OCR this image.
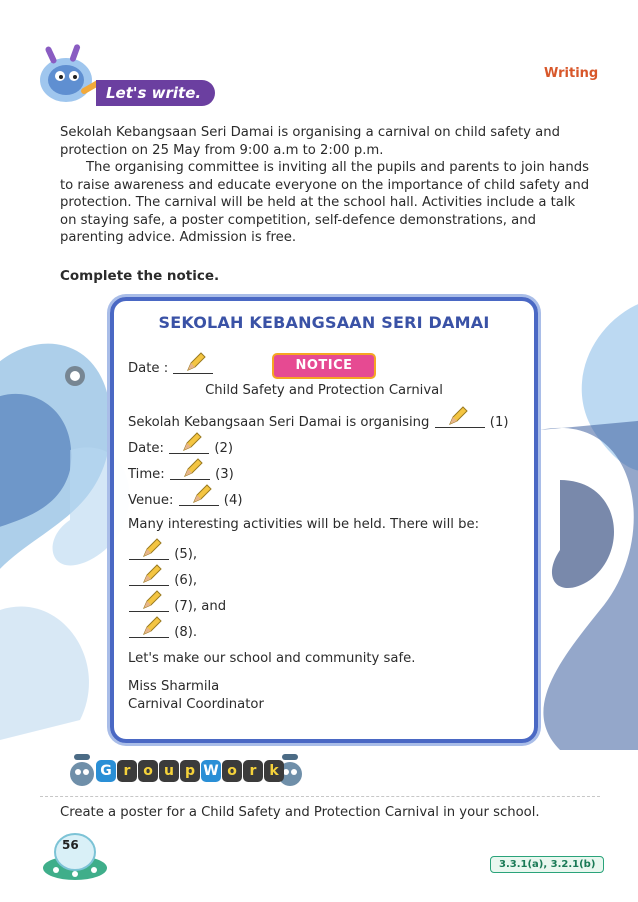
Writing
Let's write.

Sekolah Kebangsaan Seri Damai is organising a carnival on child safety and protection on 25 May from 9:00 a.m to 2:00 p.m.

The organising committee is inviting all the pupils and parents to join hands to raise awareness and educate everyone on the importance of child safety and protection. The carnival will be held at the school hall. Activities include a talk on staying safe, a poster competition, self-defence demonstrations, and parenting advice. Admission is free.

Complete the notice.
SEKOLAH KEBANGSAAN SERI DAMAI
Date :	NOTICE
Child Safety and Protection Carnival
Sekolah Kebangsaan Seri Damai is organising	(1)
Date:	(2)
Time:	(3)
Venue:	(4)
Many interesting activities will be held. There will be:
(5),
(6),
(7), and
(8).
Let's make our school and community safe.
Miss Sharmila
Carnival Coordinator
G r o u p W o r k
Create a poster for a Child Safety and Protection Carnival in your school.
56
3.3.1(a), 3.2.1(b)
